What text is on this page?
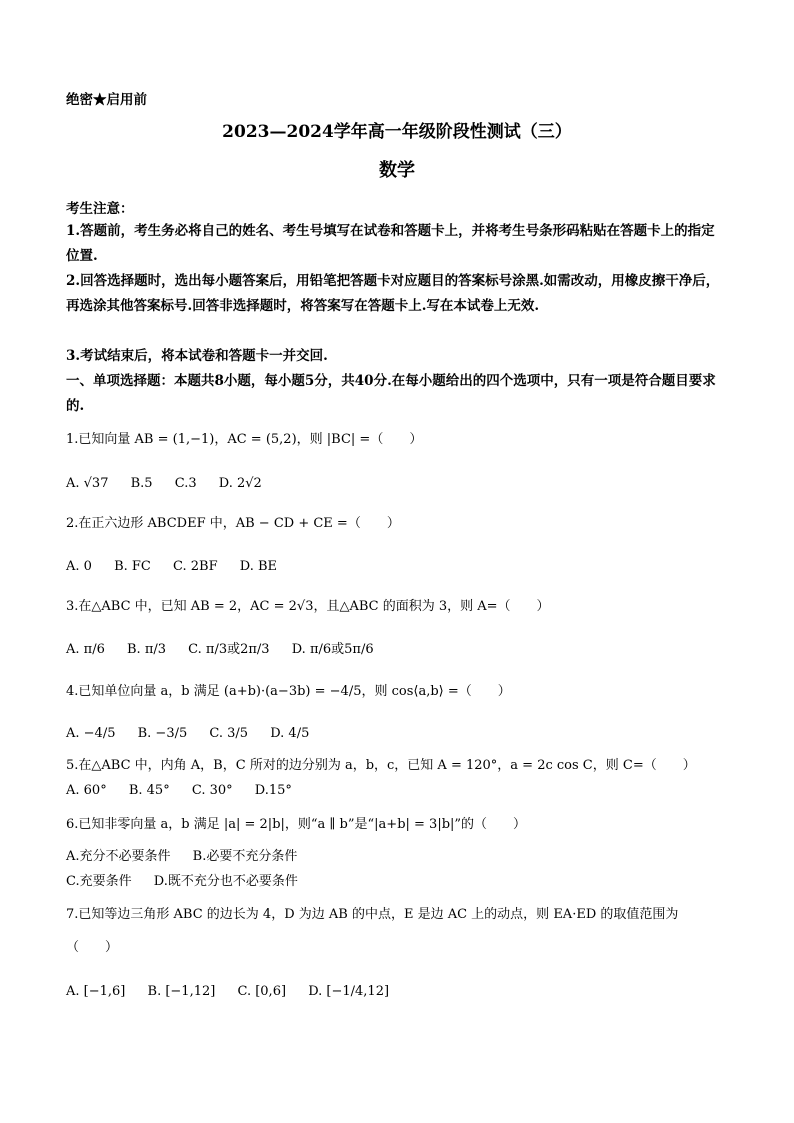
绝密★启用前
2023—2024学年高一年级阶段性测试（三）
数学
考生注意：
1.答题前，考生务必将自己的姓名、考生号填写在试卷和答题卡上，并将考生号条形码粘贴在答题卡上的指定位置.
2.回答选择题时，选出每小题答案后，用铅笔把答题卡对应题目的答案标号涂黑.如需改动，用橡皮擦干净后，再选涂其他答案标号.回答非选择题时，将答案写在答题卡上.写在本试卷上无效.
3.考试结束后，将本试卷和答题卡一并交回.
一、单项选择题：本题共8小题，每小题5分，共40分.在每小题给出的四个选项中，只有一项是符合题目要求的.
1.已知向量 AB = (1,−1)，AC = (5,2)，则 |BC| =（　　）
A. √37 B.5 C.3 D. 2√2
2.在正六边形 ABCDEF 中，AB − CD + CE =（　　）
A. 0 B. FC C. 2BF D. BE
3.在△ABC 中，已知 AB = 2，AC = 2√3，且△ABC 的面积为 3，则 A=（　　）
A. π/6 B. π/3 C. π/3或2π/3 D. π/6或5π/6
4.已知单位向量 a，b 满足 (a+b)·(a−3b) = −4/5，则 cos⟨a,b⟩ =（　　）
A. −4/5 B. −3/5 C. 3/5 D. 4/5
5.在△ABC 中，内角 A，B，C 所对的边分别为 a，b，c，已知 A = 120°，a = 2c cos C，则 C=（　　）
A. 60° B. 45° C. 30° D.15°
6.已知非零向量 a，b 满足 |a| = 2|b|，则“a ∥ b”是“|a+b| = 3|b|”的（　　）
A.充分不必要条件 B.必要不充分条件
C.充要条件 D.既不充分也不必要条件
7.已知等边三角形 ABC 的边长为 4，D 为边 AB 的中点，E 是边 AC 上的动点，则 EA·ED 的取值范围为
（　　）
A. [−1,6] B. [−1,12] C. [0,6] D. [−1/4,12]
